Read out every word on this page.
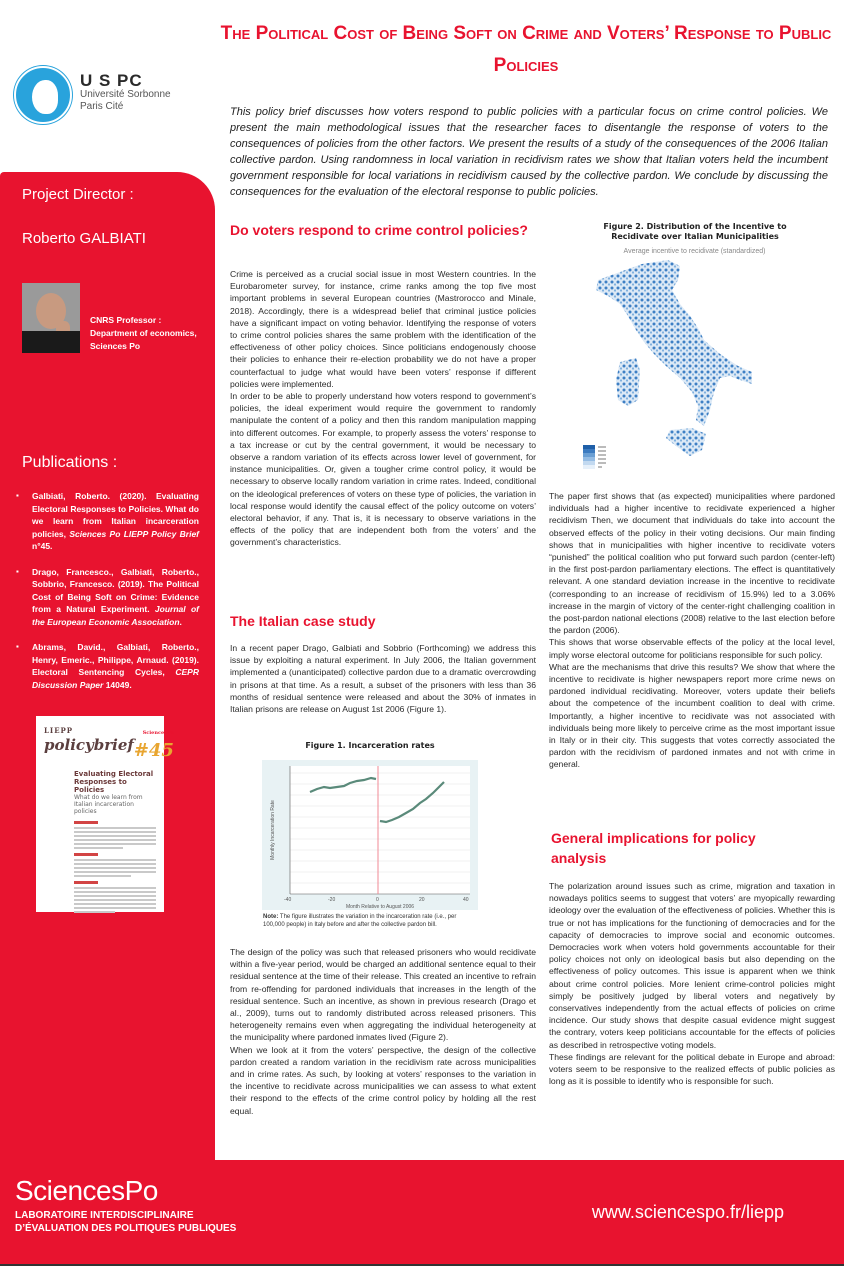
U S PC
Université Sorbonne
Paris Cité
The Political Cost of Being Soft on Crime and Voters’ Response to Public Policies
This policy brief discusses how voters respond to public policies with a particular focus on crime control policies. We present the main methodological issues that the researcher faces to disentangle the response of voters to the consequences of policies from the other factors. We present the results of a study of the consequences of the 2006 Italian collective pardon. Using randomness in local variation in recidivism rates we show that Italian voters held the incumbent government responsible for local variations in recidivism caused by the collective pardon. We conclude by discussing the consequences for the evaluation of the electoral response to public policies.
Project Director :
Roberto GALBIATI
CNRS Professor :
Department of economics,
Sciences Po
Publications :
▪ Galbiati, Roberto. (2020). Evaluating Electoral Responses to Policies. What do we learn from Italian incarceration policies, Sciences Po LIEPP Policy Brief n°45.
▪ Drago, Francesco., Galbiati, Roberto., Sobbrio, Francesco. (2019). The Political Cost of Being Soft on Crime: Evidence from a Natural Experiment. Journal of the European Economic Association.
▪ Abrams, David., Galbiati, Roberto., Henry, Emeric., Philippe, Arnaud. (2019). Electoral Sentencing Cycles, CEPR Discussion Paper 14049.
LIEPP
policybrief
SciencesPo
#45
Evaluating Electoral Responses to Policies
What do we learn from Italian incarceration policies
Do voters respond to crime control policies?

Crime is perceived as a crucial social issue in most Western countries. In the Eurobarometer survey, for instance, crime ranks among the top five most important problems in several European countries (Mastrorocco and Minale, 2018). Accordingly, there is a widespread belief that criminal justice policies have a significant impact on voting behavior. Identifying the response of voters to crime control policies shares the same problem with the identification of the effectiveness of other policy choices. Since politicians endogenously choose their policies to enhance their re-election probability we do not have a proper counterfactual to judge what would have been voters’ response if different policies were implemented.

In order to be able to properly understand how voters respond to government’s policies, the ideal experiment would require the government to randomly manipulate the content of a policy and then this random manipulation mapping into different outcomes. For example, to properly assess the voters’ response to a tax increase or cut by the central government, it would be necessary to observe a random variation of its effects across lower level of government, for instance municipalities. Or, given a tougher crime control policy, it would be necessary to observe locally random variation in crime rates. Indeed, conditional on the ideological preferences of voters on these type of policies, the variation in local response would identify the causal effect of the policy outcome on voters’ electoral behavior, if any. That is, it is necessary to observe variations in the effects of the policy that are independent both from the voters’ and the government’s characteristics.

The Italian case study

In a recent paper Drago, Galbiati and Sobbrio (Forthcoming) we address this issue by exploiting a natural experiment. In July 2006, the Italian government implemented a (unanticipated) collective pardon due to a dramatic overcrowding in prisons at that time. As a result, a subset of the prisoners with less than 36 months of residual sentence were released and about the 30% of inmates in Italian prisons are release on August 1st 2006 (Figure 1).

Figure 1. Incarceration rates
-40	-20	0	20	40
Month Relative to August 2006
Monthly Incarceration Rate
Note: The figure illustrates the variation in the incarceration rate (i.e., per 100,000 people) in Italy before and after the collective pardon bill.

The design of the policy was such that released prisoners who would recidivate within a five-year period, would be charged an additional sentence equal to their residual sentence at the time of their release. This created an incentive to refrain from re-offending for pardoned individuals that increases in the length of the residual sentence. Such an incentive, as shown in previous research (Drago et al., 2009), turns out to randomly distributed across released prisoners. This heterogeneity remains even when aggregating the individual heterogeneity at the municipality where pardoned inmates lived (Figure 2).

When we look at it from the voters’ perspective, the design of the collective pardon created a random variation in the recidivism rate across municipalities and in crime rates. As such, by looking at voters’ responses to the variation in the incentive to recidivate across municipalities we can assess to what extent their respond to the effects of the crime control policy by holding all the rest equal.

Figure 2. Distribution of the Incentive to Recidivate over Italian Municipalities
Average incentive to recidivate (standardized)

The paper first shows that (as expected) municipalities where pardoned individuals had a higher incentive to recidivate experienced a higher recidivism Then, we document that individuals do take into account the observed effects of the policy in their voting decisions. Our main finding shows that in municipalities with higher incentive to recidivate voters “punished” the political coalition who put forward such pardon (center-left) in the first post-pardon parliamentary elections. The effect is quantitatively relevant. A one standard deviation increase in the incentive to recidivate (corresponding to an increase of recidivism of 15.9%) led to a 3.06% increase in the margin of victory of the center-right challenging coalition in the post-pardon national elections (2008) relative to the last election before the pardon (2006).

This shows that worse observable effects of the policy at the local level, imply worse electoral outcome for politicians responsible for such policy.

What are the mechanisms that drive this results? We show that where the incentive to recidivate is higher newspapers report more crime news on pardoned individual recidivating. Moreover, voters update their beliefs about the competence of the incumbent coalition to deal with crime. Importantly, a higher incentive to recidivate was not associated with individuals being more likely to perceive crime as the most important issue in Italy or in their city. This suggests that votes correctly associated the pardon with the recidivism of pardoned inmates and not with crime in general.

General implications for policy analysis

The polarization around issues such as crime, migration and taxation in nowadays politics seems to suggest that voters’ are myopically rewarding ideology over the evaluation of the effectiveness of policies. Whether this is true or not has implications for the functioning of democracies and for the capacity of democracies to improve social and economic outcomes. Democracies work when voters hold governments accountable for their policy choices not only on ideological basis but also depending on the effectiveness of policy outcomes. This issue is apparent when we think about crime control policies. More lenient crime-control policies might simply be positively judged by liberal voters and negatively by conservatives independently from the actual effects of policies on crime incidence. Our study shows that despite casual evidence might suggest the contrary, voters keep politicians accountable for the effects of policies as described in retrospective voting models.

These findings are relevant for the political debate in Europe and abroad: voters seem to be responsive to the realized effects of public policies as long as it is possible to identify who is responsible for such.

SciencesPo
LABORATOIRE INTERDISCIPLINAIRE
D’ÉVALUATION DES POLITIQUES PUBLIQUES
www.sciencespo.fr/liepp
